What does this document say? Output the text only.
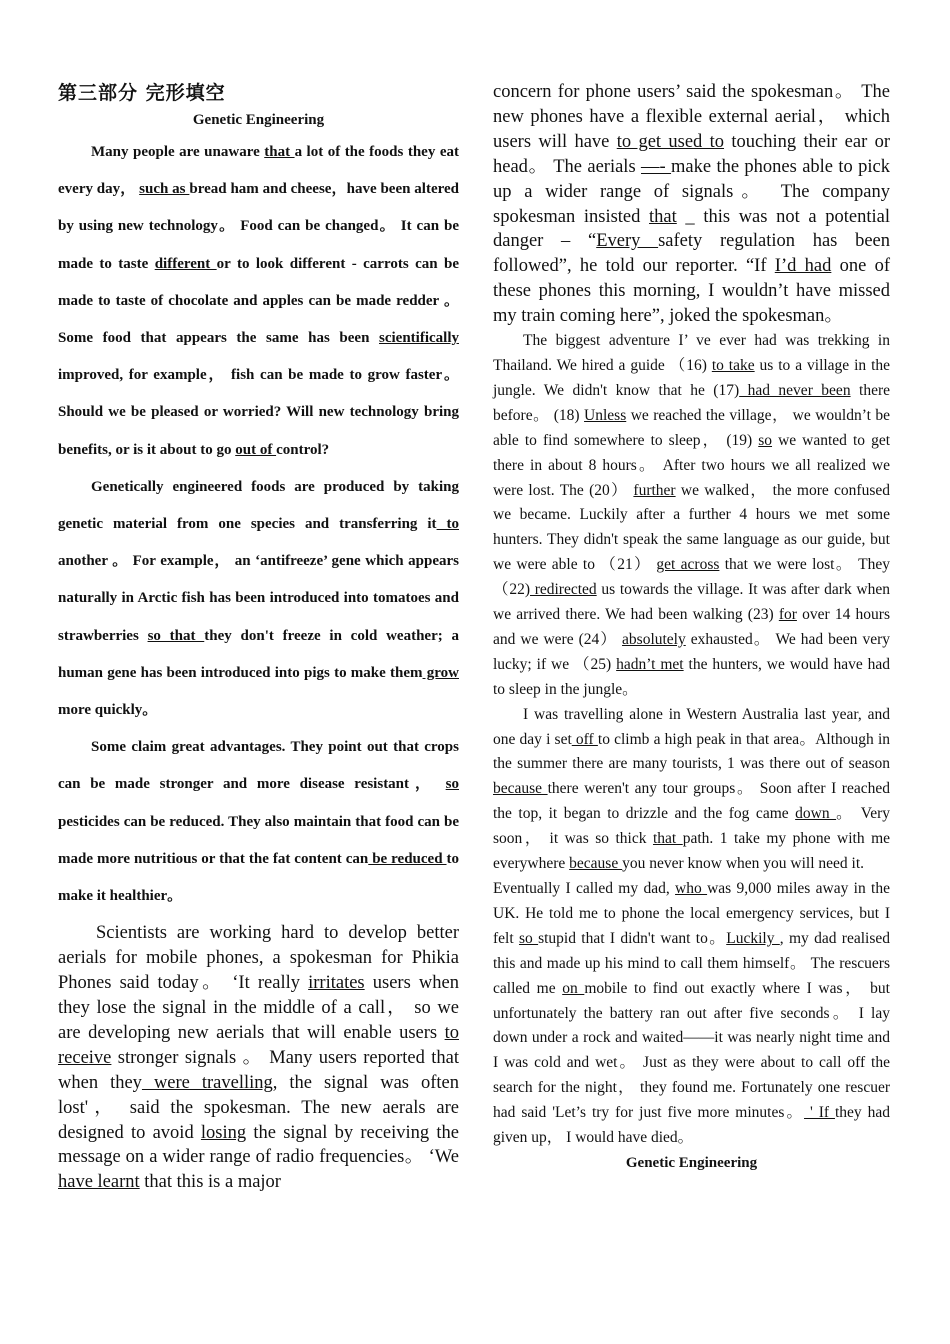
第三部分 完形填空
Genetic Engineering

Many people are unaware that a lot of the foods they eat every day， such as bread ham and cheese，have been altered by using new technology。 Food can be changed。 It can be made to taste different or to look different - carrots can be made to taste of chocolate and apples can be made redder 。 Some food that appears the same has been scientifically improved, for example， fish can be made to grow faster。 Should we be pleased or worried? Will new technology bring benefits, or is it about to go out of control?

Genetically engineered foods are produced by taking genetic material from one species and transferring it to another 。 For example， an ‘antifreeze’ gene which appears naturally in Arctic fish has been introduced into tomatoes and strawberries so that they don't freeze in cold weather; a human gene has been introduced into pigs to make them grow more quickly。

Some claim great advantages. They point out that crops can be made stronger and more disease resistant， so pesticides can be reduced. They also maintain that food can be made more nutritious or that the fat content can be reduced to make it healthier。

Scientists are working hard to develop better aerials for mobile phones, a spokesman for Phikia Phones said today。 ‘It really irritates users when they lose the signal in the middle of a call， so we are developing new aerials that will enable users to receive stronger signals 。 Many users reported that when they were travelling, the signal was often lost'， said the spokesman. The new aerals are designed to avoid losing the signal by receiving the message on a wider range of radio frequencies。 ‘We have learnt that this is a major

concern for phone users’ said the spokesman。 The new phones have a flexible external aerial， which users will have to get used to touching their ear or head。 The aerials —- make the phones able to pick up a wider range of signals。 The company spokesman insisted that _ this was not a potential danger – “Every safety regulation has been followed”, he told our reporter. “If I’d had one of these phones this morning, I wouldn’t have missed my train coming here”, joked the spokesman。

The biggest adventure I’ ve ever had was trekking in Thailand. We hired a guide （16) to take us to a village in the jungle. We didn't know that he (17) had never been there before。 (18) Unless we reached the village， we wouldn’t be able to find somewhere to sleep， (19) so we wanted to get there in about 8 hours。 After two hours we all realized we were lost. The (20） further we walked， the more confused we became. Luckily after a further 4 hours we met some hunters. They didn't speak the same language as our guide, but we were able to （21） get across that we were lost。 They （22) redirected us towards the village. It was after dark when we arrived there. We had been walking (23) for over 14 hours and we were (24） absolutely exhausted。 We had been very lucky; if we （25) hadn’t met the hunters, we would have had to sleep in the jungle。

I was travelling alone in Western Australia last year, and one day i set off to climb a high peak in that area。Although in the summer there are many tourists, 1 was there out of season because there weren't any tour groups。 Soon after I reached the top, it began to drizzle and the fog came down 。 Very soon， it was so thick that path. 1 take my phone with me everywhere because you never know when you will need it.

Eventually I called my dad, who was 9,000 miles away in the UK. He told me to phone the local emergency services, but I felt so stupid that I didn't want to。Luckily , my dad realised this and made up his mind to call them himself。 The rescuers called me on mobile to find out exactly where I was， but unfortunately the battery ran out after five seconds。 I lay down under a rock and waited——it was nearly night time and I was cold and wet。 Just as they were about to call off the search for the night， they found me. Fortunately one rescuer had said 'Let’s try for just five more minutes。 ' If they had given up， I would have died。

Genetic Engineering
